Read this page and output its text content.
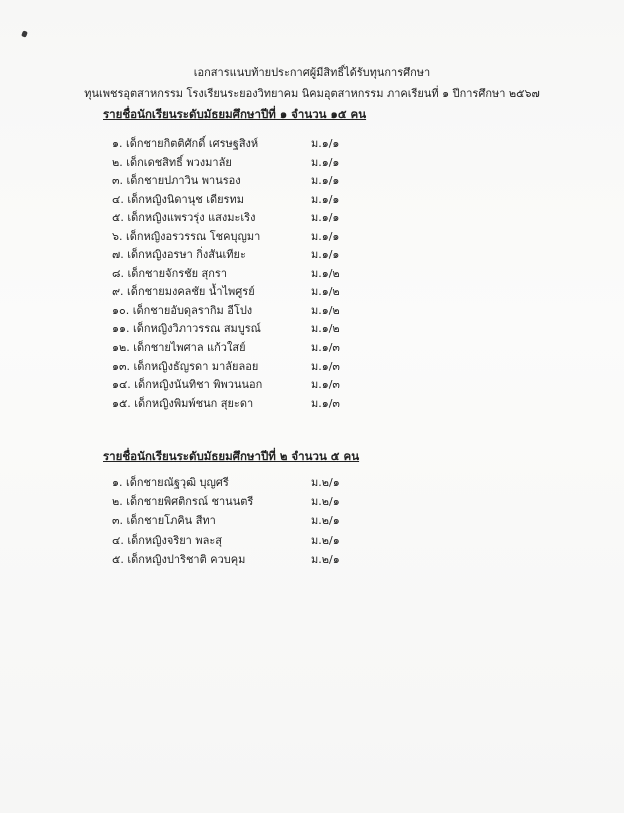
เอกสารแนบท้ายประกาศผู้มีสิทธิ์ได้รับทุนการศึกษา
ทุนเพชรอุตสาหกรรม โรงเรียนระยองวิทยาคม นิคมอุตสาหกรรม ภาคเรียนที่ ๑ ปีการศึกษา ๒๕๖๗
รายชื่อนักเรียนระดับมัธยมศึกษาปีที่ ๑ จำนวน ๑๕ คน
๑. เด็กชายกิตติศักดิ์ เศรษฐสิงห์	ม.๑/๑
๒. เด็กเดชสิทธิ์ พวงมาลัย	ม.๑/๑
๓. เด็กชายปภาวิน พานรอง	ม.๑/๑
๔. เด็กหญิงนิดานุช เดียรทม	ม.๑/๑
๕. เด็กหญิงแพรวรุ่ง แสงมะเริง	ม.๑/๑
๖. เด็กหญิงอรวรรณ โชคบุญมา	ม.๑/๑
๗. เด็กหญิงอรษา กิ่งสันเทียะ	ม.๑/๑
๘. เด็กชายจักรชัย สุกรา	ม.๑/๒
๙. เด็กชายมงคลชัย น้ำไพศูรย์	ม.๑/๒
๑๐. เด็กชายอับดุลรากิม อีโปง	ม.๑/๒
๑๑. เด็กหญิงวิภาวรรณ สมบูรณ์	ม.๑/๒
๑๒. เด็กชายไพศาล แก้วใสย์	ม.๑/๓
๑๓. เด็กหญิงธัญรดา มาลัยลอย	ม.๑/๓
๑๔. เด็กหญิงนันทิชา พิพวนนอก	ม.๑/๓
๑๕. เด็กหญิงพิมพ์ชนก สุยะดา	ม.๑/๓
รายชื่อนักเรียนระดับมัธยมศึกษาปีที่ ๒ จำนวน ๕ คน
๑. เด็กชายณัฐวุฒิ บุญศรี	ม.๒/๑
๒. เด็กชายพิศติกรณ์ ชานนตรี	ม.๒/๑
๓. เด็กชายโภคิน สีทา	ม.๒/๑
๔. เด็กหญิงจริยา พละสุ	ม.๒/๑
๕. เด็กหญิงปาริชาติ ควบคุม	ม.๒/๑
